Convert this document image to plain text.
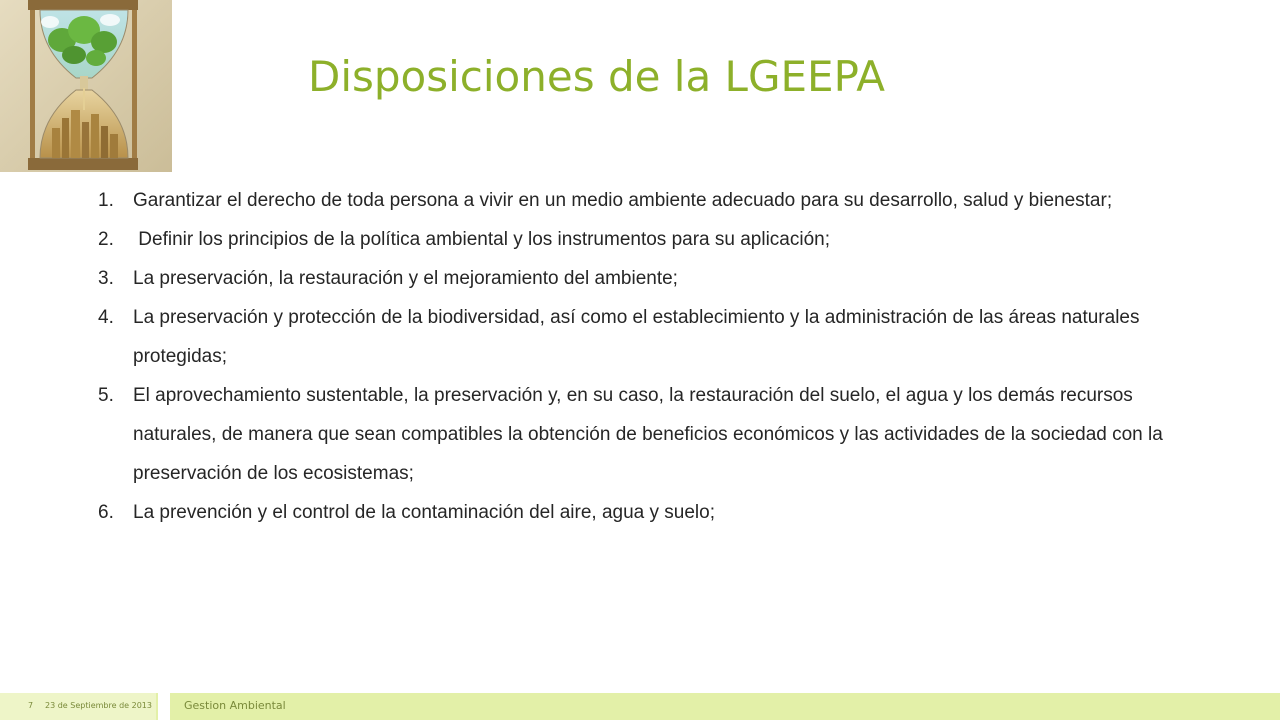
Disposiciones de la LGEEPA
1. Garantizar el derecho de toda persona a vivir en un medio ambiente adecuado para su desarrollo, salud y bienestar;
2. Definir los principios de la política ambiental y los instrumentos para su aplicación;
3. La preservación, la restauración y el mejoramiento del ambiente;
4. La preservación y protección de la biodiversidad, así como el establecimiento y la administración de las áreas naturales protegidas;
5. El aprovechamiento sustentable, la preservación y, en su caso, la restauración del suelo, el agua y los demás recursos naturales, de manera que sean compatibles la obtención de beneficios económicos y las actividades de la sociedad con la preservación de los ecosistemas;
6. La prevención y el control de la contaminación del aire, agua y suelo;
7 23 de Septiembre de 2013	Gestion Ambiental
